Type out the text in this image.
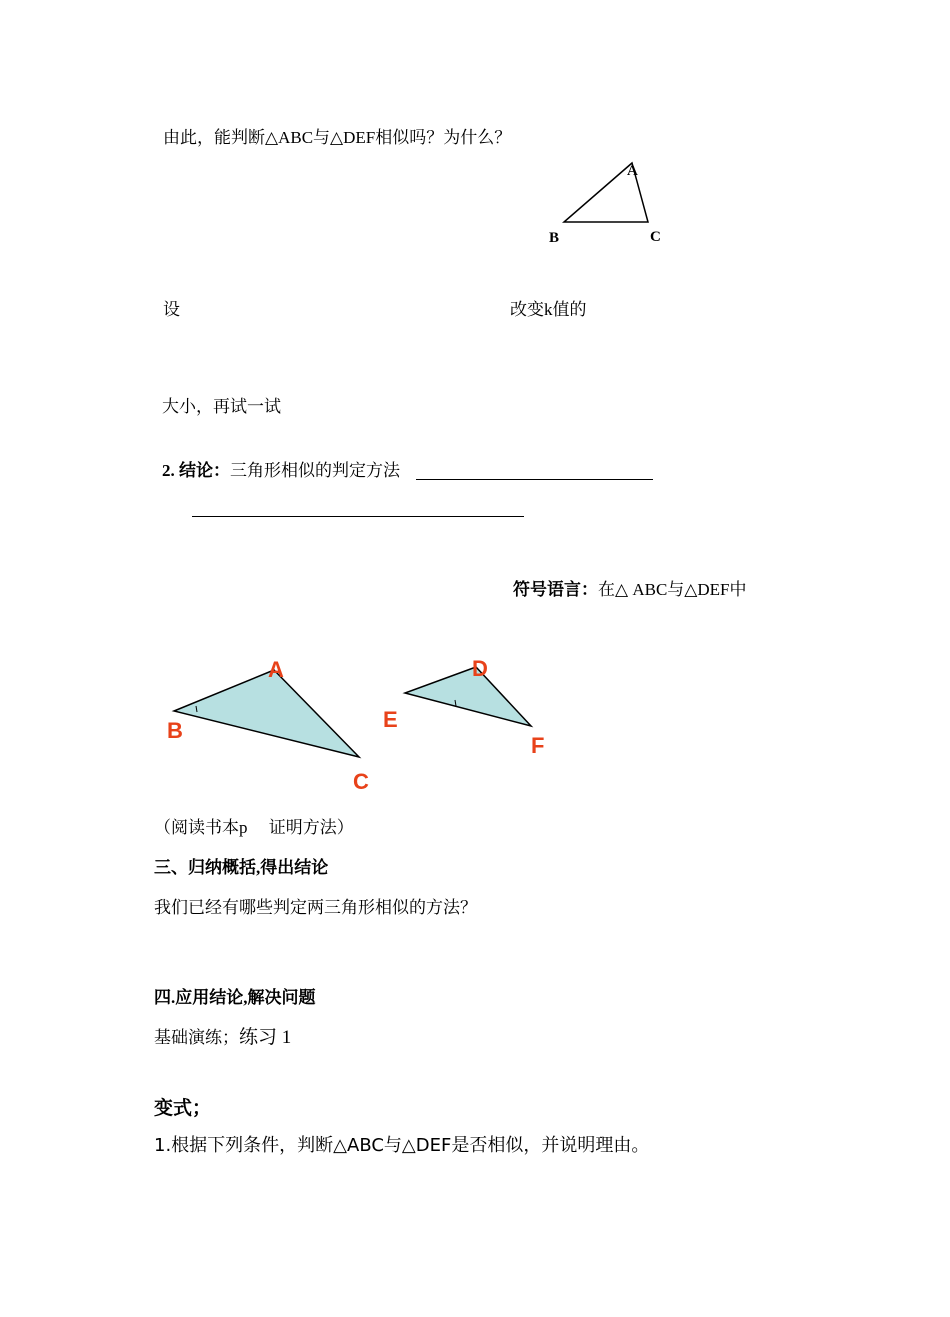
由此，能判断△ABC与△DEF相似吗？为什么？
设	改变k值的
大小，再试一试
2. 结论：三角形相似的判定方法
符号语言：在△ ABC与△DEF中
（阅读书本p　 证明方法）
三、归纳概括,得出结论
我们已经有哪些判定两三角形相似的方法？
四.应用结论,解决问题
基础演练；练习 1
变式；
1.根据下列条件，判断△ABC与△DEF是否相似，并说明理由。
A
B	C
A
B
C
D
E
F
